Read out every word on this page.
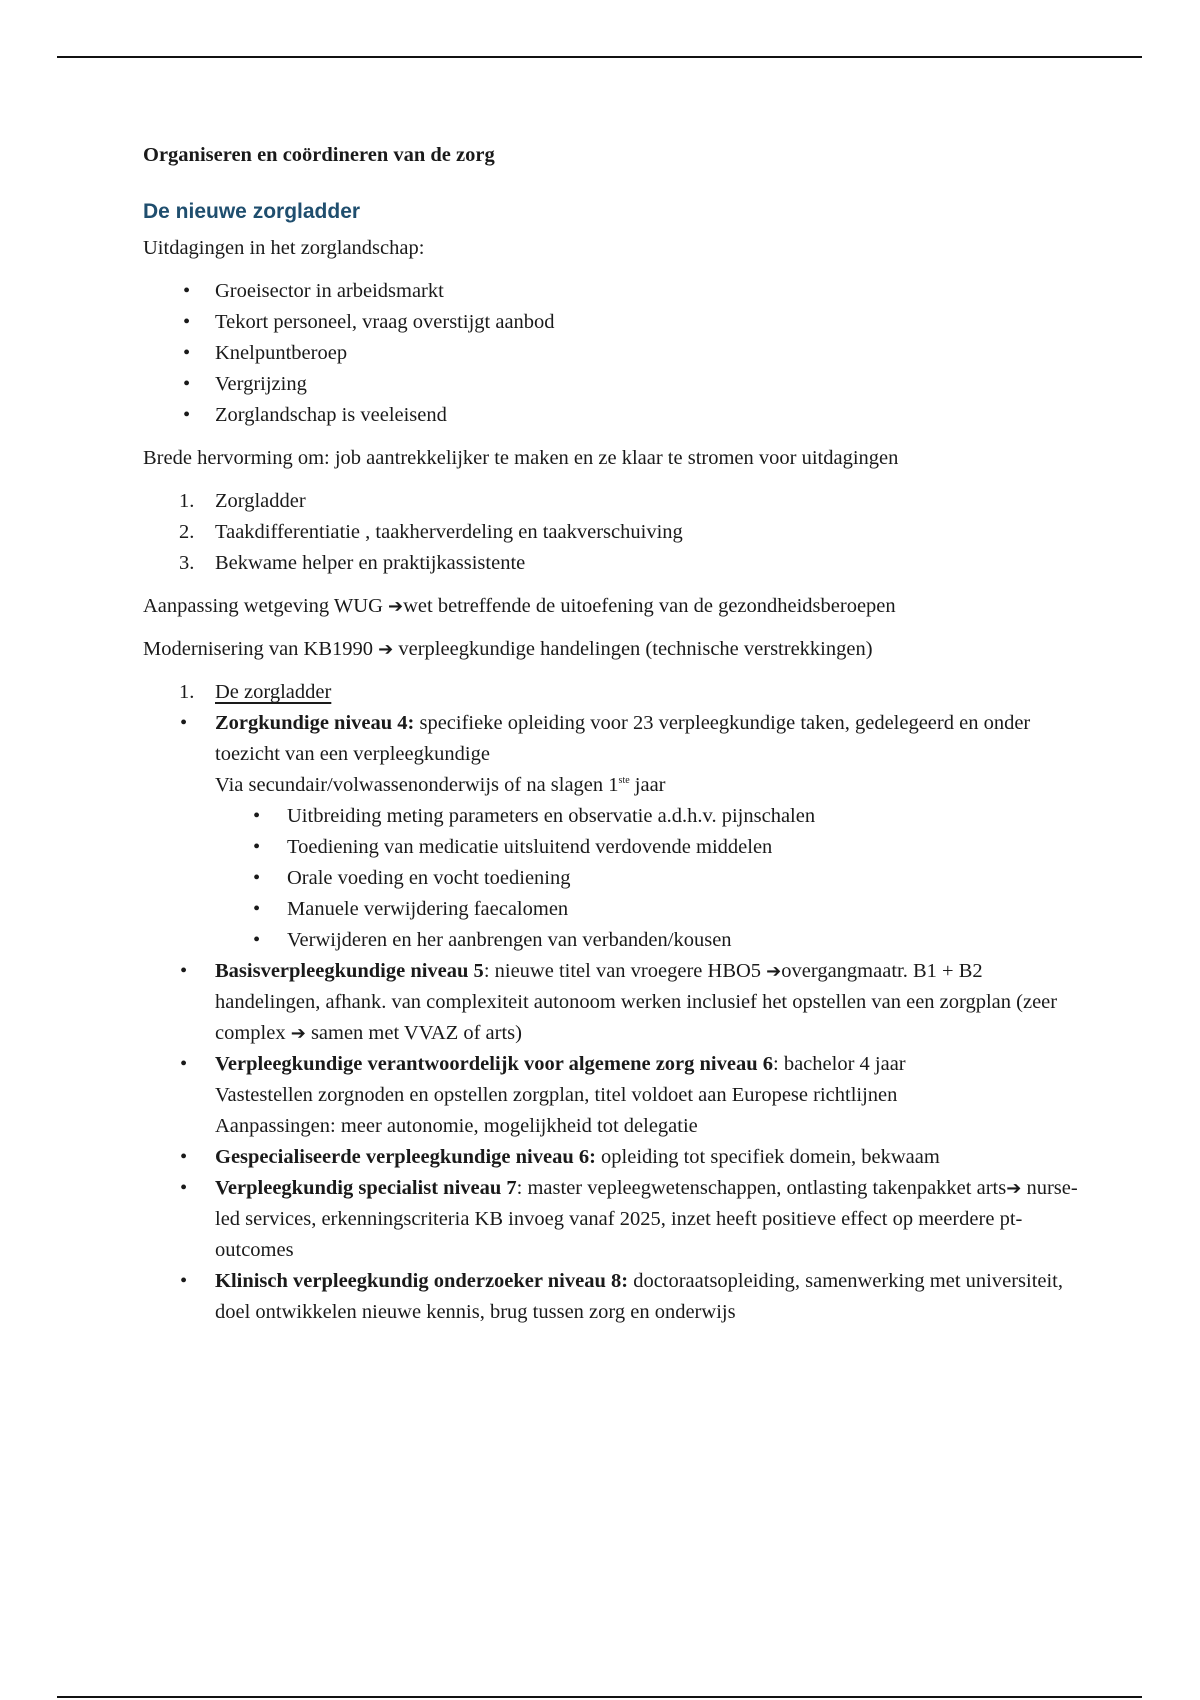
Organiseren en coördineren van de zorg

De nieuwe zorgladder

Uitdagingen in het zorglandschap:

• Groeisector in arbeidsmarkt
• Tekort personeel, vraag overstijgt aanbod
• Knelpuntberoep
• Vergrijzing
• Zorglandschap is veeleisend

Brede hervorming om: job aantrekkelijker te maken en ze klaar te stromen voor uitdagingen

1. Zorgladder
2. Taakdifferentiatie , taakherverdeling en taakverschuiving
3. Bekwame helper en praktijkassistente

Aanpassing wetgeving WUG ➔wet betreffende de uitoefening van de gezondheidsberoepen

Modernisering van KB1990 ➔ verpleegkundige handelingen (technische verstrekkingen)

1. De zorgladder
• Zorgkundige niveau 4: specifieke opleiding voor 23 verpleegkundige taken, gedelegeerd en onder toezicht van een verpleegkundige
Via secundair/volwassenonderwijs of na slagen 1ste jaar
• Uitbreiding meting parameters en observatie a.d.h.v. pijnschalen
• Toediening van medicatie uitsluitend verdovende middelen
• Orale voeding en vocht toediening
• Manuele verwijdering faecalomen
• Verwijderen en her aanbrengen van verbanden/kousen
• Basisverpleegkundige niveau 5: nieuwe titel van vroegere HBO5 ➔overgangmaatr. B1 + B2 handelingen, afhank. van complexiteit autonoom werken inclusief het opstellen van een zorgplan (zeer complex ➔ samen met VVAZ of arts)
• Verpleegkundige verantwoordelijk voor algemene zorg niveau 6: bachelor 4 jaar
Vastestellen zorgnoden en opstellen zorgplan, titel voldoet aan Europese richtlijnen
Aanpassingen: meer autonomie, mogelijkheid tot delegatie
• Gespecialiseerde verpleegkundige niveau 6: opleiding tot specifiek domein, bekwaam
• Verpleegkundig specialist niveau 7: master vepleegwetenschappen, ontlasting takenpakket arts➔ nurse-led services, erkenningscriteria KB invoeg vanaf 2025, inzet heeft positieve effect op meerdere pt-outcomes
• Klinisch verpleegkundig onderzoeker niveau 8: doctoraatsopleiding, samenwerking met universiteit, doel ontwikkelen nieuwe kennis, brug tussen zorg en onderwijs
